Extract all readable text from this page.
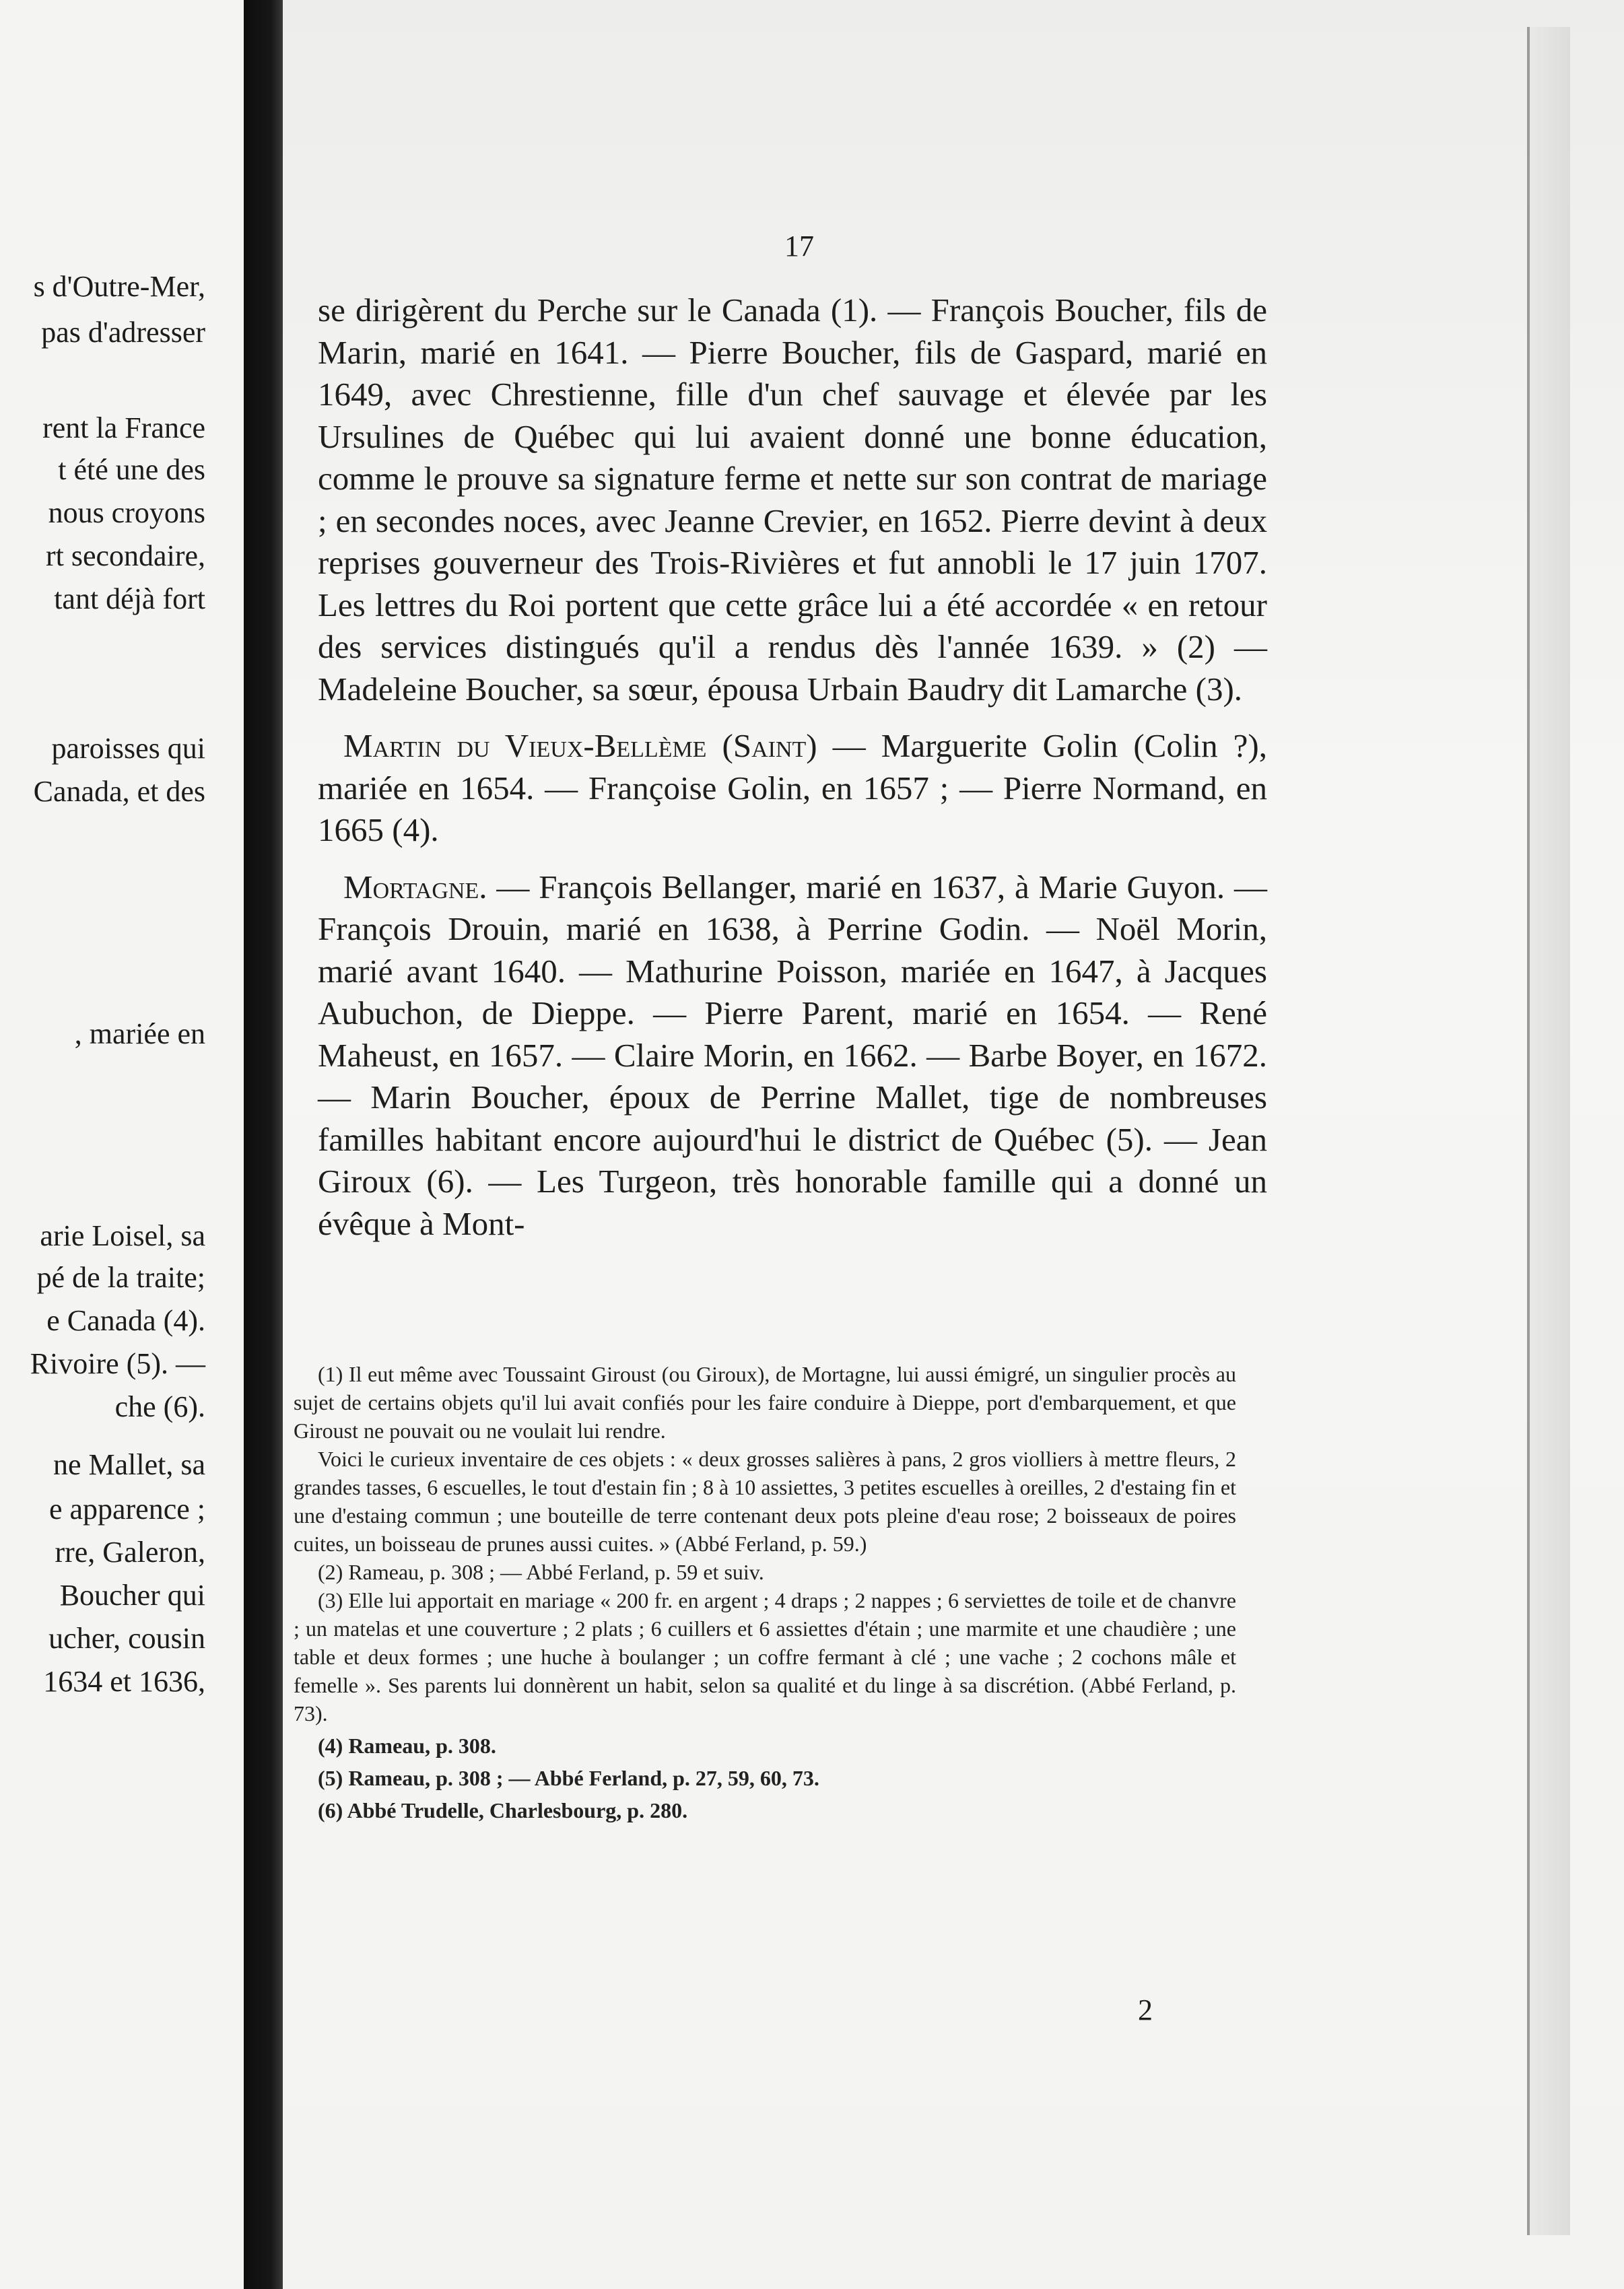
s d'Outre-Mer,
pas d'adresser
rent la France
t été une des
nous croyons
rt secondaire,
tant déjà fort
paroisses qui
Canada, et des
, mariée en
arie Loisel, sa
pé de la traite;
e Canada (4).
Rivoire (5). —
che (6).
ne Mallet, sa
e apparence ;
rre, Galeron,
Boucher qui
ucher, cousin
1634 et 1636,
17

se dirigèrent du Perche sur le Canada (1). — François Boucher, fils de Marin, marié en 1641. — Pierre Boucher, fils de Gaspard, marié en 1649, avec Chrestienne, fille d'un chef sauvage et élevée par les Ursulines de Québec qui lui avaient donné une bonne éducation, comme le prouve sa signature ferme et nette sur son contrat de mariage ; en secondes noces, avec Jeanne Crevier, en 1652. Pierre devint à deux reprises gouverneur des Trois-Rivières et fut annobli le 17 juin 1707. Les lettres du Roi portent que cette grâce lui a été accordée « en retour des services distingués qu'il a rendus dès l'année 1639. » (2) — Madeleine Boucher, sa sœur, épousa Urbain Baudry dit Lamarche (3).

Martin du Vieux-Bellème (Saint) — Marguerite Golin (Colin ?), mariée en 1654. — Françoise Golin, en 1657 ; — Pierre Normand, en 1665 (4).

Mortagne. — François Bellanger, marié en 1637, à Marie Guyon. — François Drouin, marié en 1638, à Perrine Godin. — Noël Morin, marié avant 1640. — Mathurine Poisson, mariée en 1647, à Jacques Aubuchon, de Dieppe. — Pierre Parent, marié en 1654. — René Maheust, en 1657. — Claire Morin, en 1662. — Barbe Boyer, en 1672. — Marin Boucher, époux de Perrine Mallet, tige de nombreuses familles habitant encore aujourd'hui le district de Québec (5). — Jean Giroux (6). — Les Turgeon, très honorable famille qui a donné un évêque à Mont-

(1) Il eut même avec Toussaint Giroust (ou Giroux), de Mortagne, lui aussi émigré, un singulier procès au sujet de certains objets qu'il lui avait confiés pour les faire conduire à Dieppe, port d'embarquement, et que Giroust ne pouvait ou ne voulait lui rendre.

Voici le curieux inventaire de ces objets : « deux grosses salières à pans, 2 gros violliers à mettre fleurs, 2 grandes tasses, 6 escuelles, le tout d'estain fin ; 8 à 10 assiettes, 3 petites escuelles à oreilles, 2 d'estaing fin et une d'estaing commun ; une bouteille de terre contenant deux pots pleine d'eau rose; 2 boisseaux de poires cuites, un boisseau de prunes aussi cuites. » (Abbé Ferland, p. 59.)

(2) Rameau, p. 308 ; — Abbé Ferland, p. 59 et suiv.

(3) Elle lui apportait en mariage « 200 fr. en argent ; 4 draps ; 2 nappes ; 6 serviettes de toile et de chanvre ; un matelas et une couverture ; 2 plats ; 6 cuillers et 6 assiettes d'étain ; une marmite et une chaudière ; une table et deux formes ; une huche à boulanger ; un coffre fermant à clé ; une vache ; 2 cochons mâle et femelle ». Ses parents lui donnèrent un habit, selon sa qualité et du linge à sa discrétion. (Abbé Ferland, p. 73).

(4) Rameau, p. 308.

(5) Rameau, p. 308 ; — Abbé Ferland, p. 27, 59, 60, 73.

(6) Abbé Trudelle, Charlesbourg, p. 280.

2
